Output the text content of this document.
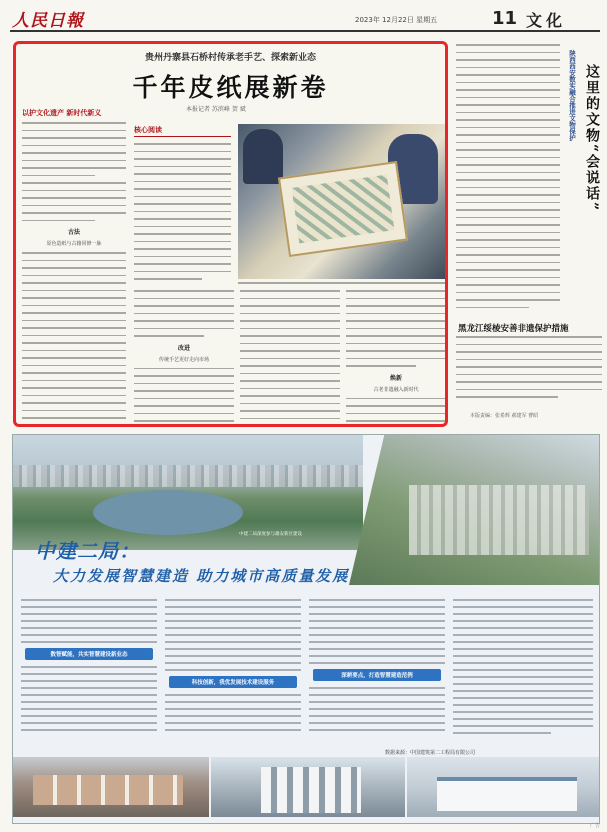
人民日報	2023年 12月22日 星期五	11 文化
贵州丹寨县石桥村传承老手艺、探索新业态
千年皮纸展新卷
本报记者 苏滨峰 贺 斌
以护文化遗产 新时代新义
古法
原色造纸与古籍同修一脉
核心阅读
改进
传统手艺更好走向市场
焕新
古老非遗融入新时代
陕西西安数实融合推进文物保护 这里的文物“会说话”
黑龙江绥棱安善非遗保护措施
本版责编：张希辉 郝建军 曹昭
中建二局深度参与雄安新区建设
中建二局：
大力发展智慧建造 助力城市高质量发展
数智赋能，共实智慧建设新业态
科技创新，我优发展技术建设服务
深耕要点，打造智慧建造范例
数据来源：中国建筑第二工程局有限公司
广告
